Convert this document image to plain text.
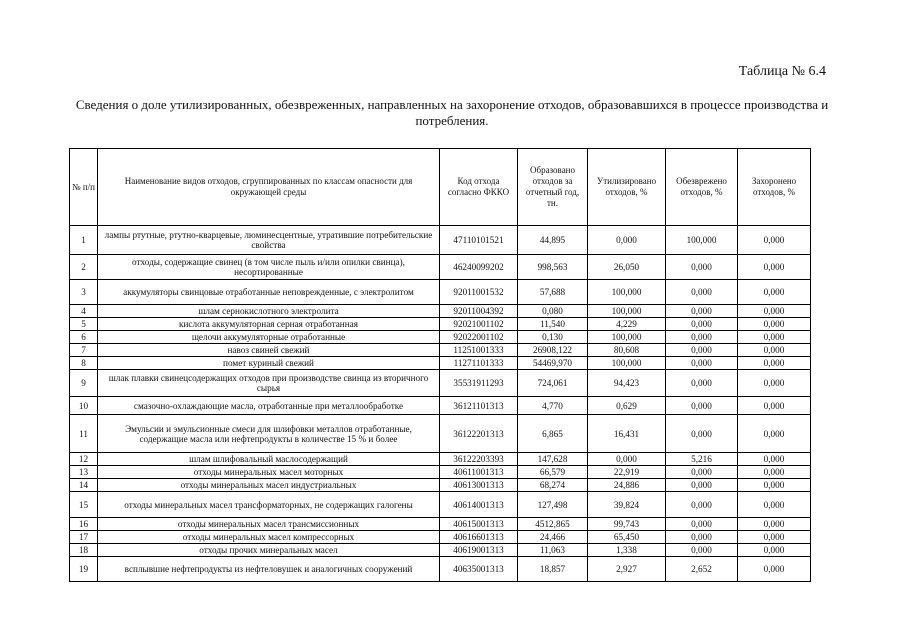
Таблица № 6.4
Сведения о доле утилизированных, обезвреженных, направленных на захоронение отходов, образовавшихся в процессе производства и потребления.
№ п/п	Наименование видов отходов, сгруппированных по классам опасности для окружающей среды	Код отхода согласно ФККО	Образовано отходов за отчетный год, тн.	Утилизировано отходов, %	Обезврежено отходов, %	Захоронено отходов, %
1	лампы ртутные, ртутно-кварцевые, люминесцентные, утратившие потребительские свойства	47110101521	44,895	0,000	100,000	0,000
2	отходы, содержащие свинец (в том числе пыль и/или опилки свинца), несортированные	46240099202	998,563	26,050	0,000	0,000
3	аккумуляторы свинцовые отработанные неповрежденные, с электролитом	92011001532	57,688	100,000	0,000	0,000
4	шлам сернокислотного электролита	92011004392	0,080	100,000	0,000	0,000
5	кислота аккумуляторная серная отработанная	92021001102	11,540	4,229	0,000	0,000
6	щелочи аккумуляторные отработанные	92022001102	0,130	100,000	0,000	0,000
7	навоз свиней свежий	11251001333	26908,122	80,608	0,000	0,000
8	помет куриный свежий	11271101333	54469,970	100,000	0,000	0,000
9	шлак плавки свинецсодержащих отходов при производстве свинца из вторичного сырья	35531911293	724,061	94,423	0,000	0,000
10	смазочно-охлаждающие масла, отработанные при металлообработке	36121101313	4,770	0,629	0,000	0,000
11	Эмульсии и эмульсионные смеси для шлифовки металлов отработанные, содержащие масла или нефтепродукты в количестве 15 % и более	36122201313	6,865	16,431	0,000	0,000
12	шлам шлифовальный маслосодержащий	36122203393	147,628	0,000	5,216	0,000
13	отходы минеральных масел моторных	40611001313	66,579	22,919	0,000	0,000
14	отходы минеральных масел индустриальных	40613001313	68,274	24,886	0,000	0,000
15	отходы минеральных масел трансформаторных, не содержащих галогены	40614001313	127,498	39,824	0,000	0,000
16	отходы минеральных масел трансмиссионных	40615001313	4512,865	99,743	0,000	0,000
17	отходы минеральных масел компрессорных	40616601313	24,466	65,450	0,000	0,000
18	отходы прочих минеральных масел	40619001313	11,063	1,338	0,000	0,000
19	всплывшие нефтепродукты из нефтеловушек и аналогичных сооружений	40635001313	18,857	2,927	2,652	0,000
